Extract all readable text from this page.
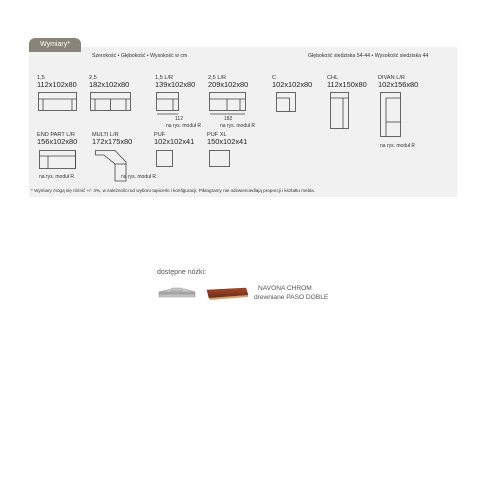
Wymiary*
Szerokość • Głębokość • Wysokość w cm	Głębokość siedziska 54-44 • Wysokość siedziska 44
1,5
112x102x80
2,5
182x102x80
1,5 L/R
139x102x80
112
na rys. moduł R
2,5 L/R
209x102x80
182
na rys. moduł R
C
102x102x80
CHL
112x150x80
DIVAN L/R
102x156x80
na rys. moduł R
END PART L/R
156x102x80
na rys. moduł R
MULTI L/R
172x175x80
na rys. moduł R
PUF
102x102x41
PUF XL
150x102x41
* Wymiary mogą się różnić +/- 3%, w zależności od wyboru tapicerki i konfiguracji. Piktogramy nie odzwierciedlają proporcji i kształtu mebla.
dostępne nóżki:
NAVONA CHROM
drewniane PASO DOBLE
